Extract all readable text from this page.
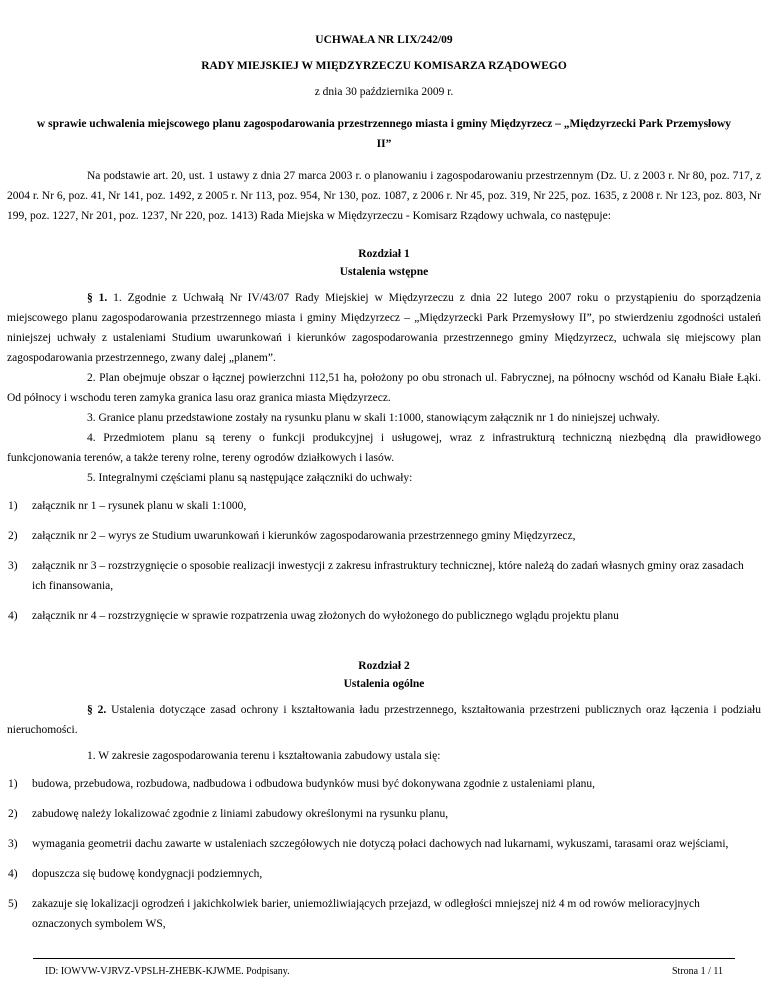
UCHWAŁA NR LIX/242/09
RADY MIEJSKIEJ W MIĘDZYRZECZU KOMISARZA RZĄDOWEGO
z dnia 30 października 2009 r.
w sprawie uchwalenia miejscowego planu zagospodarowania przestrzennego miasta i gminy Międzyrzecz – „Międzyrzecki Park Przemysłowy II”
Na podstawie art. 20, ust. 1 ustawy z dnia 27 marca 2003 r. o planowaniu i zagospodarowaniu przestrzennym (Dz. U. z 2003 r. Nr 80, poz. 717, z 2004 r. Nr 6, poz. 41, Nr 141, poz. 1492, z 2005 r. Nr 113, poz. 954, Nr 130, poz. 1087, z 2006 r. Nr 45, poz. 319, Nr 225, poz. 1635, z 2008 r. Nr 123, poz. 803, Nr 199, poz. 1227, Nr 201, poz. 1237, Nr 220, poz. 1413) Rada Miejska w Międzyrzeczu - Komisarz Rządowy uchwala, co następuje:
Rozdział 1
Ustalenia wstępne
§ 1. 1. Zgodnie z Uchwałą Nr IV/43/07 Rady Miejskiej w Międzyrzeczu z dnia 22 lutego 2007 roku o przystąpieniu do sporządzenia miejscowego planu zagospodarowania przestrzennego miasta i gminy Międzyrzecz – „Międzyrzecki Park Przemysłowy II”, po stwierdzeniu zgodności ustaleń niniejszej uchwały z ustaleniami Studium uwarunkowań i kierunków zagospodarowania przestrzennego gminy Międzyrzecz, uchwala się miejscowy plan zagospodarowania przestrzennego, zwany dalej „planem”.
2. Plan obejmuje obszar o łącznej powierzchni 112,51 ha, położony po obu stronach ul. Fabrycznej, na północny wschód od Kanału Białe Łąki. Od północy i wschodu teren zamyka granica lasu oraz granica miasta Międzyrzecz.
3. Granice planu przedstawione zostały na rysunku planu w skali 1:1000, stanowiącym załącznik nr 1 do niniejszej uchwały.
4. Przedmiotem planu są tereny o funkcji produkcyjnej i usługowej, wraz z infrastrukturą techniczną niezbędną dla prawidłowego funkcjonowania terenów, a także tereny rolne, tereny ogrodów działkowych i lasów.
5. Integralnymi częściami planu są następujące załączniki do uchwały:
1) załącznik nr 1 – rysunek planu w skali 1:1000,
2) załącznik nr 2 – wyrys ze Studium uwarunkowań i kierunków zagospodarowania przestrzennego gminy Międzyrzecz,
3) załącznik nr 3 – rozstrzygnięcie o sposobie realizacji inwestycji z zakresu infrastruktury technicznej, które należą do zadań własnych gminy oraz zasadach ich finansowania,
4) załącznik nr 4 – rozstrzygnięcie w sprawie rozpatrzenia uwag złożonych do wyłożonego do publicznego wglądu projektu planu
Rozdział 2
Ustalenia ogólne
§ 2. Ustalenia dotyczące zasad ochrony i kształtowania ładu przestrzennego, kształtowania przestrzeni publicznych oraz łączenia i podziału nieruchomości.
1. W zakresie zagospodarowania terenu i kształtowania zabudowy ustala się:
1) budowa, przebudowa, rozbudowa, nadbudowa i odbudowa budynków musi być dokonywana zgodnie z ustaleniami planu,
2) zabudowę należy lokalizować zgodnie z liniami zabudowy określonymi na rysunku planu,
3) wymagania geometrii dachu zawarte w ustaleniach szczegółowych nie dotyczą połaci dachowych nad lukarnami, wykuszami, tarasami oraz wejściami,
4) dopuszcza się budowę kondygnacji podziemnych,
5) zakazuje się lokalizacji ogrodzeń i jakichkolwiek barier, uniemożliwiających przejazd, w odległości mniejszej niż 4 m od rowów melioracyjnych oznaczonych symbolem WS,
ID: IOWVW-VJRVZ-VPSLH-ZHEBK-KJWME. Podpisany.	Strona 1 / 11
